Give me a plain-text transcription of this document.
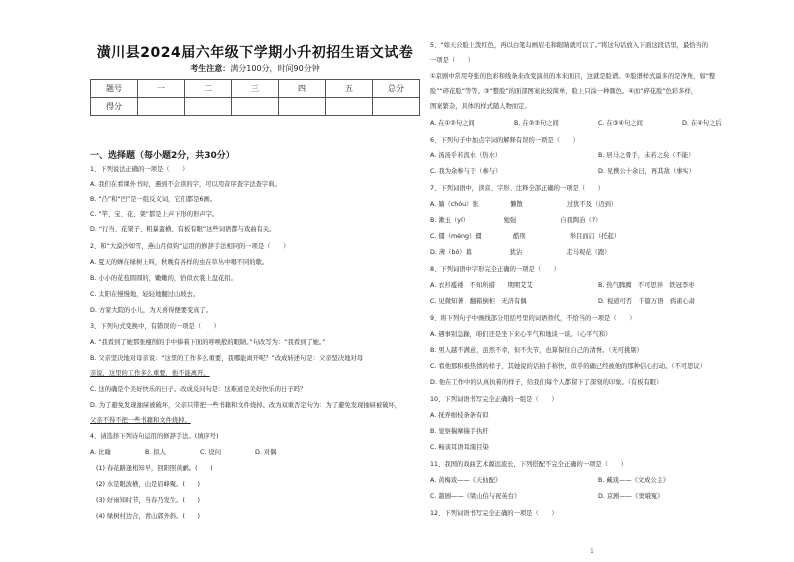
潢川县2024届六年级下学期小升初招生语文试卷
考生注意：满分100分，时间90分钟
题号	一	二	三	四	五	总分
得分						
一、选择题（每小题2分，共30分）
1、下列说法正确的一项是（　　）
A. 我们在看课外书时，遇到不会读的字，可以用音序查字法查字典。
B. “凸”和“凹”是一组反义词，它们都是6画。
C. “竿、宝、花、架”都是上声下形的形声字。
D. “行当、花架子、粗暴蛮横、有板有眼”这些词语都与戏曲有关。
2、和“大漠沙如雪，燕山月似钩”运用的修辞手法相同的一项是（　　）
A. 夏天的蝉在绿树上叫，秋晚有各样的虫在草丛中唱不同的歌。
B. 小小的花苞圆圆的，嫩嫩的，恰似衣裳上盘花扣。
C. 太阳在慢慢地，轻轻地翻过山坡去。
D. 方家大院的小儿，为天喜得便要变真了。
3、下列句式变换中，有错误的一项是（　　）
A. “我看到了她那张瘦削的手中捧着下面的呼唤般的眼睛。”句改写为：“我看到了她。”
B. 父亲坚决地对母亲说：“这里的工作多么重要，我哪能离开呢？”改成转述句是：父亲坚决地对母
亲说，这里的工作多么重要，他不能离开。
C. 这的确是个美好快乐的日子。改成反问句是：这难道是美好快乐的日子吗？
D. 为了避免发现抽屉被破坏，父亲只带把一些书籍和文件烧掉。改为双重否定句为：为了避免发现抽屉被破坏，
父亲不得不把一些书籍和文件烧掉。
4、请选择下列诗句运用的修辞手法。(填序号)
A. 比喻	B. 拟人	C. 设问	D. 对偶
(1) 春花路逢相知早，回阳照黄鹂。(　　)
(2) 水是眼波横，山是眉峰聚。(　　)
(3) 好雨知时节，当春乃发生。(　　)
(4) 绿树村边合，青山郭外斜。(　　)
5、“如天公脸上泼红色，再以白笔勾画眉毛和眼睛就可以了。”将这句话放入下面这段话里，最恰当的
一项是（　　）
①京剧中常用夸张的色彩和线条来改变演员的本来面目，这就是脸谱。②脸谱样式最多的是净角，如“整
脸”“碎花脸”等等。③“整脸”的面部图案比较简单，脸上只涂一种颜色。④而“碎花脸”色彩多样，
图案繁杂，具体的样式随人物而定。
A. 在①②句之间	B. 在②③句之间	C. 在③④句之间	D. 在④句之后
6、下列句子中加点字词的解释有误的一项是（　　）
A. 汤汤乎若流水（热水）	B. 居马之骨手，未若之矣（不能）
C. 我为余参与于（参与）	D. 见携公十余日，再其敌（事实）
7、下列词语中，读音、字形、注释全部正确的一项是（　　）
A. 躺（chóu）张　　　　　懒散　　　　　　　过犹不及（迈到）
B. 漱玉（yí）　　　　　　勉强　　　　　　　自我陶冶（?）
C. 僵（méng）僵　　　　　酷刑　　　　　　　举目而启（托起）
D. 薄（bó）暮　　　　　　犹沾　　　　　　　走马观花（跑）
8、下列词语中字形完全正确的一项是（　　）
A. 衣衫褴褛　不知所措　　期期艾艾	B. 热气腾腾　不可思异　铁冠李枣
C. 见微知著　翻箱倒柜　无济有偶	D. 视道可否　千篇万语　鸦雀心肃
9、将下列句子中画线部分用括号里的词语替代，不恰当的一项是（　　）
A. 遇事别急躁，咱们还是坐下来心平气和地谈一谈。（心平气和）
B. 男人越不满意，虽然不幸，但不失节，也算保住自己的清誉。（无可挑剔）
C. 看他那积极热情的样子，其她说的话拍手称快，似乎的确已经被他的那种信心打动。（不可思议）
D. 他在工作中的认真执着的样子，给我们每个人都留下了深刻的印象。（有板有眼）
10、下列词语书写完全正确的一组是（　　）
A. 抚弄细枝条条有似
B. 觉察揣摩揣手执杆
C. 畅谈耳语耳濡目染
11、我国的戏曲艺术源远流长，下列搭配不完全正确的一项是（　　）
A. 黄梅戏——《天仙配》	B. 藏戏——《文成公主》
C. 越剧——《梁山伯与祝英台》	D. 京剧——《窦娥冤》
12、下列词语书写完全正确的一项是（　　）
1
